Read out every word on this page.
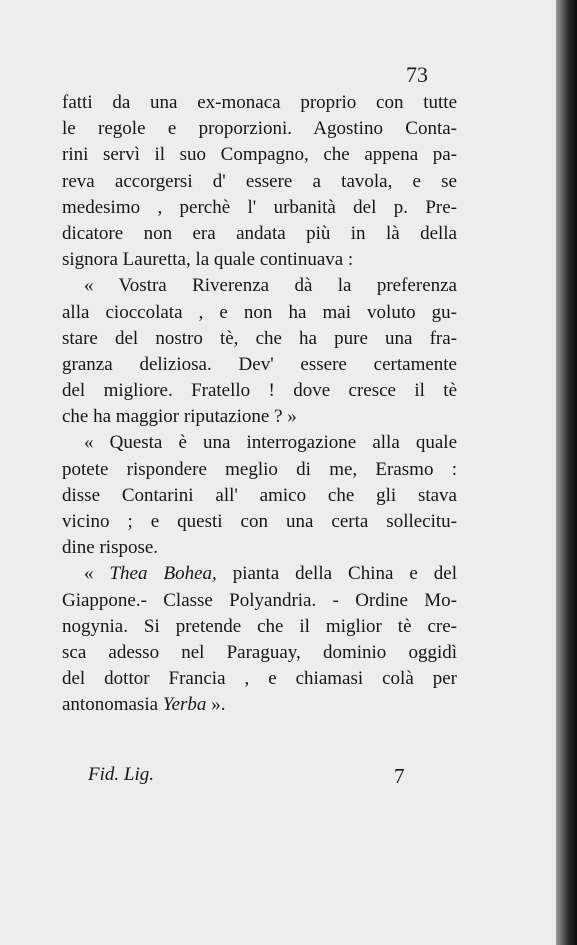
73
fatti da una ex-monaca proprio con tutte
le regole e proporzioni. Agostino Conta-
rini servì il suo Compagno, che appena pa-
reva accorgersi d' essere a tavola, e se
medesimo , perchè l' urbanità del p. Pre-
dicatore non era andata più in là della
signora Lauretta, la quale continuava :
« Vostra Riverenza dà la preferenza
alla cioccolata , e non ha mai voluto gu-
stare del nostro tè, che ha pure una fra-
granza deliziosa. Dev' essere certamente
del migliore. Fratello ! dove cresce il tè
che ha maggior riputazione ? »
« Questa è una interrogazione alla quale
potete rispondere meglio di me, Erasmo :
disse Contarini all' amico che gli stava
vicino ; e questi con una certa sollecitu-
dine rispose.
« Thea Bohea, pianta della China e del
Giappone.- Classe Polyandria. - Ordine Mo-
nogynia. Si pretende che il miglior tè cre-
sca adesso nel Paraguay, dominio oggidì
del dottor Francia , e chiamasi colà per
antonomasia Yerba ».
Fid. Lig.	7
